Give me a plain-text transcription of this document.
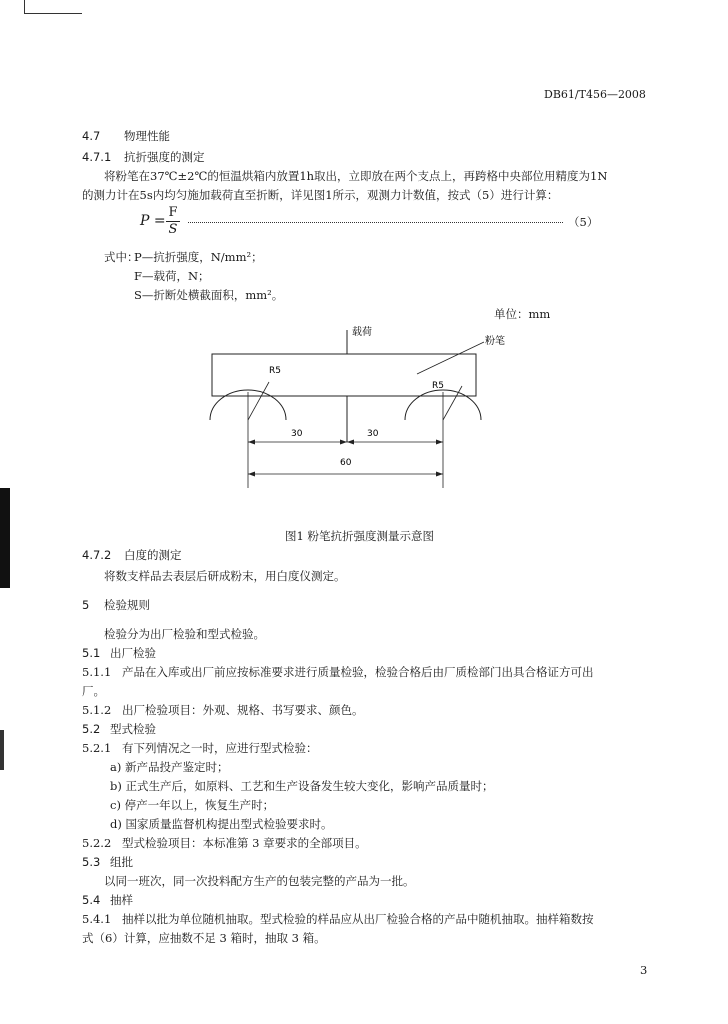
DB61/T456—2008
4.7 物理性能
4.7.1 抗折强度的测定
将粉笔在37℃±2℃的恒温烘箱内放置1h取出，立即放在两个支点上，再跨格中央部位用精度为1N
的测力计在5s内均匀施加载荷直至折断，详见图1所示，观测力计数值，按式（5）进行计算：
$P = \frac{F}{S}$	（5）
式中：
P—抗折强度，N/mm²；
F—载荷，N；
S—折断处横截面积，mm²。
单位：mm
载荷
粉笔
R5
R5
30	30
60
图1 粉笔抗折强度测量示意图
4.7.2 白度的测定
将数支样品去表层后研成粉末，用白度仪测定。
5 检验规则
检验分为出厂检验和型式检验。
5.1 出厂检验
5.1.1 产品在入库或出厂前应按标准要求进行质量检验，检验合格后由厂质检部门出具合格证方可出
厂。
5.1.2 出厂检验项目：外观、规格、书写要求、颜色。
5.2 型式检验
5.2.1 有下列情况之一时，应进行型式检验：
a) 新产品投产鉴定时；
b) 正式生产后，如原料、工艺和生产设备发生较大变化，影响产品质量时；
c) 停产一年以上，恢复生产时；
d) 国家质量监督机构提出型式检验要求时。
5.2.2 型式检验项目：本标准第 3 章要求的全部项目。
5.3 组批
以同一班次，同一次投料配方生产的包装完整的产品为一批。
5.4 抽样
5.4.1 抽样以批为单位随机抽取。型式检验的样品应从出厂检验合格的产品中随机抽取。抽样箱数按
式（6）计算，应抽数不足 3 箱时，抽取 3 箱。
3
